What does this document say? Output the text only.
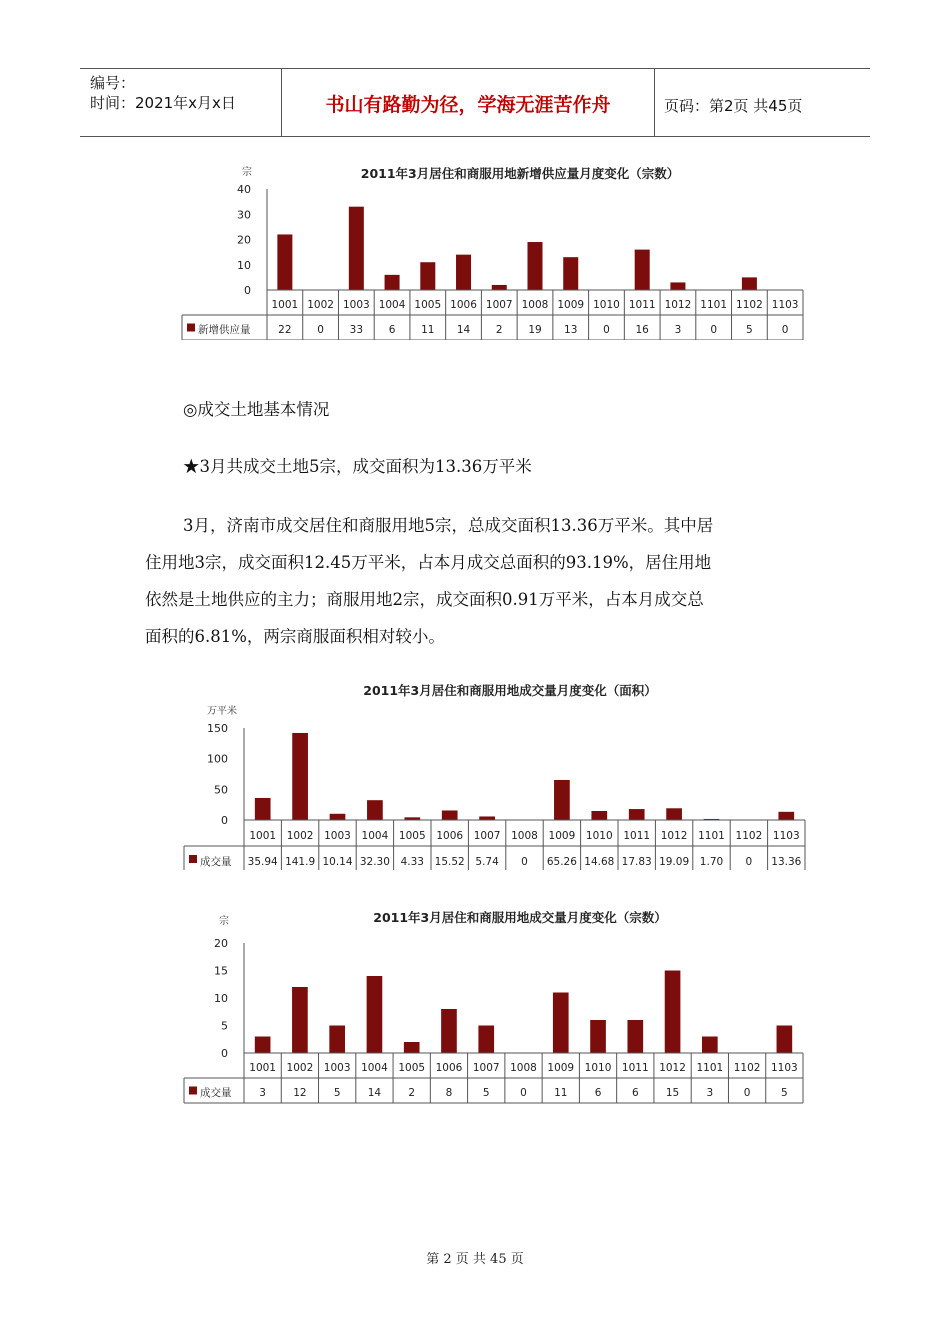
编号：
时间：2021年x月x日	书山有路勤为径，学海无涯苦作舟	页码：第2页 共45页
2011年3月居住和商服用地新增供应量月度变化（宗数）
宗
0
10
20
30
40
1001 1002 1003 1004 1005 1006 1007 1008 1009 1010 1011 1012 1101 1102 1103
22 0 33 6 11 14 2 19 13 0 16 3	0	5	0
新增供应量
◎成交土地基本情况
★3月共成交土地5宗，成交面积为13.36万平米
3月，济南市成交居住和商服用地5宗，总成交面积13.36万平米。其中居
住用地3宗，成交面积12.45万平米，占本月成交总面积的93.19%，居住用地
依然是土地供应的主力；商服用地2宗，成交面积0.91万平米，占本月成交总
面积的6.81%，两宗商服面积相对较小。
2011年3月居住和商服用地成交量月度变化（面积）
万平米
0
50
100
150
1001 1002 1003 1004 1005 1006 1007 1008 1009 1010 1011 1012 1101 1102 1103
35.94 141.9 10.14 32.30 4.33 15.52 5.74 0 65.26 14.68 17.83 19.09 1.70 0 13.36
成交量
2011年3月居住和商服用地成交量月度变化（宗数）
宗
0
5
10
15
20
1001 1002 1003 1004 1005 1006 1007 1008 1009 1010 1011 1012 1101 1102 1103
3	12	5	14	2	8	5	0	11	6	6	15	3	0	5
成交量
第 2 页 共 45 页
